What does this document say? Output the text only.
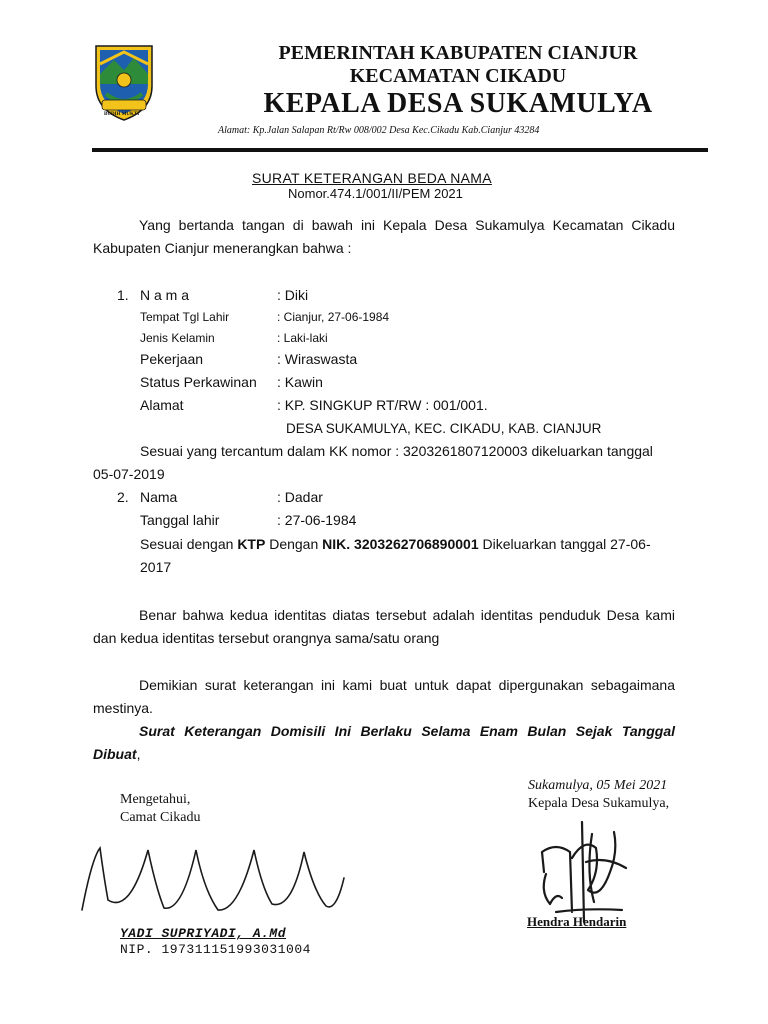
BUDIH MUKTI
PEMERINTAH KABUPATEN CIANJUR
KECAMATAN CIKADU
KEPALA DESA SUKAMULYA
Alamat: Kp.Jalan Salapan Rt/Rw 008/002 Desa Kec.Cikadu Kab.Cianjur 43284
SURAT KETERANGAN BEDA NAMA
Nomor.474.1/001/II/PEM 2021
Yang bertanda tangan di bawah ini Kepala Desa Sukamulya Kecamatan Cikadu Kabupaten Cianjur menerangkan bahwa :
1. N a m a	: Diki
Tempat Tgl Lahir	: Cianjur, 27-06-1984
Jenis Kelamin	: Laki-laki
Pekerjaan	: Wiraswasta
Status Perkawinan : Kawin
Alamat	: KP. SINGKUP RT/RW : 001/001.
DESA SUKAMULYA, KEC. CIKADU, KAB. CIANJUR
Sesuai yang tercantum dalam KK nomor : 3203261807120003 dikeluarkan tanggal
05-07-2019
2. Nama	: Dadar
Tanggal lahir	: 27-06-1984
Sesuai dengan KTP Dengan NIK. 3203262706890001 Dikeluarkan tanggal 27-06-
2017
Benar bahwa kedua identitas diatas tersebut adalah identitas penduduk Desa kami dan kedua identitas tersebut orangnya sama/satu orang
Demikian surat keterangan ini kami buat untuk dapat dipergunakan sebagaimana
mestinya.
Surat Keterangan Domisili Ini Berlaku Selama Enam Bulan Sejak Tanggal
Dibuat,
Mengetahui,
Camat Cikadu
YADI SUPRIYADI, A.Md
NIP. 197311151993031004
Sukamulya, 05 Mei 2021
Kepala Desa Sukamulya,
Hendra Hendarin
